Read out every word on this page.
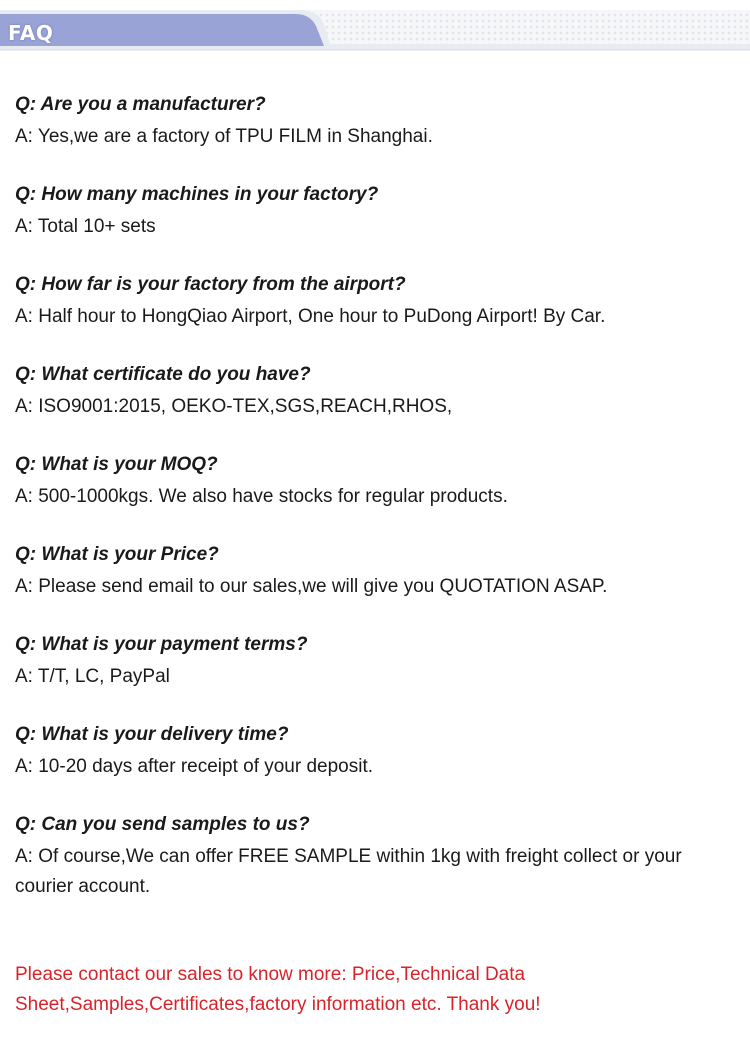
FAQ
Q: Are you a manufacturer?
A: Yes,we are a factory of TPU FILM in Shanghai.
Q: How many machines in your factory?
A: Total 10+ sets
Q: How far is your factory from the airport?
A: Half hour to HongQiao Airport, One hour to PuDong Airport! By Car.
Q: What certificate do you have?
A: ISO9001:2015, OEKO-TEX,SGS,REACH,RHOS,
Q: What is your MOQ?
A: 500-1000kgs. We also have stocks for regular products.
Q: What is your Price?
A: Please send email to our sales,we will give you QUOTATION ASAP.
Q: What is your payment terms?
A: T/T, LC, PayPal
Q: What is your delivery time?
A: 10-20 days after receipt of your deposit.
Q: Can you send samples to us?
A: Of course,We can offer FREE SAMPLE within 1kg with freight collect or your courier account.
Please contact our sales to know more: Price,Technical Data Sheet,Samples,Certificates,factory information etc. Thank you!
